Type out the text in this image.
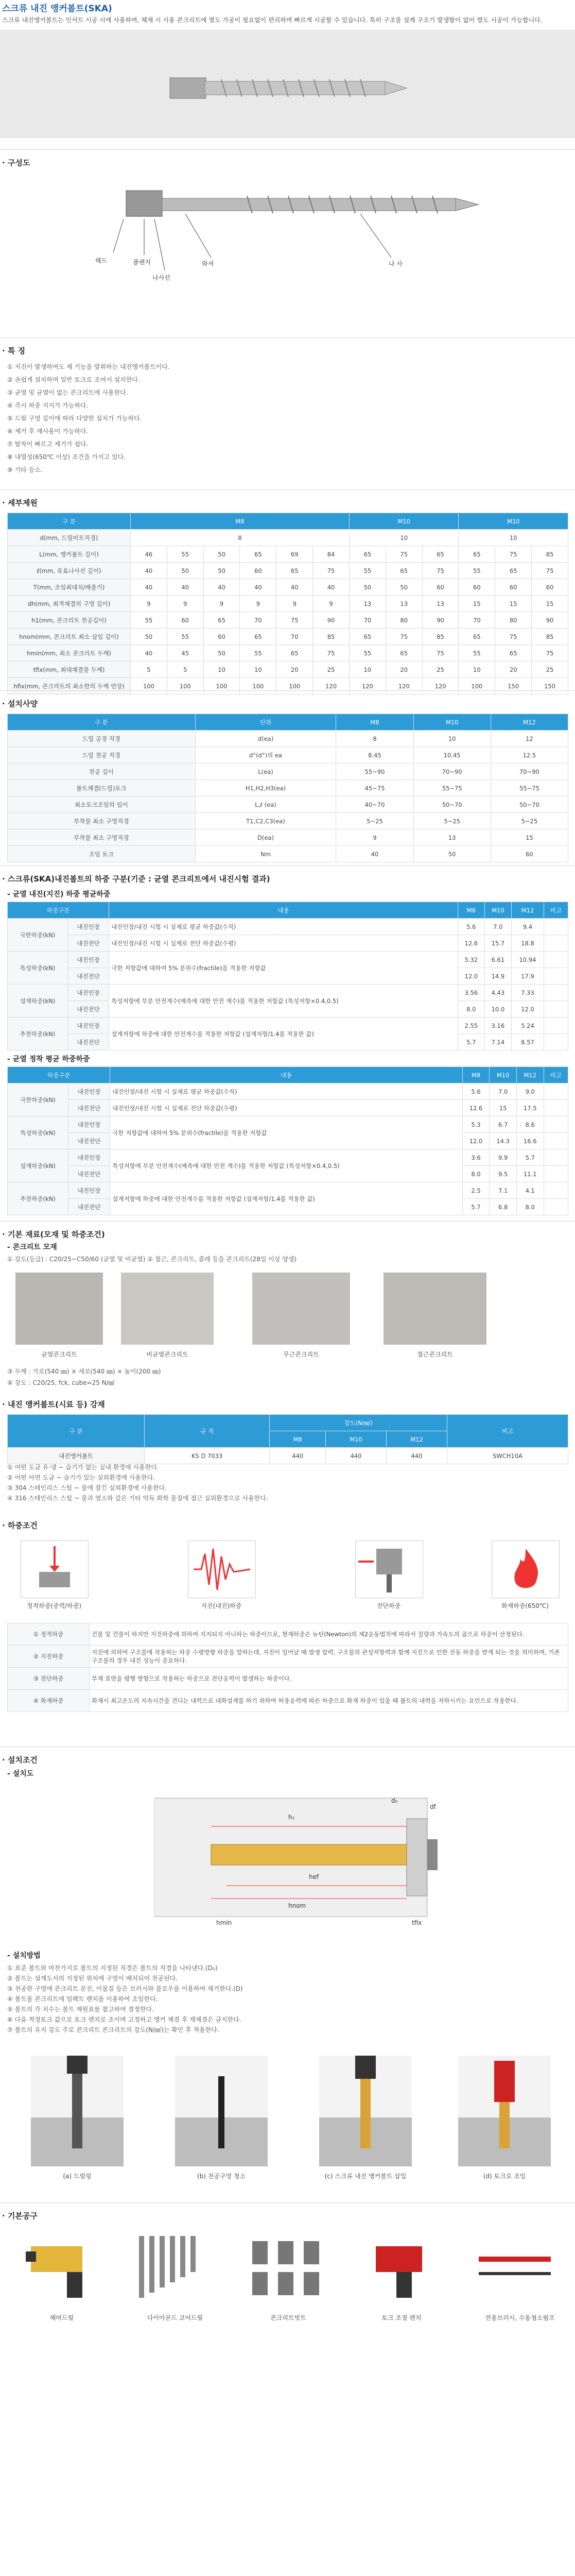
스크류 내진 앵커볼트(SKA)
스크류 내진앵커볼트는 인서트 시공 시에 사용하며, 체재 시 사용 콘크리트에 별도 가공이 필요없이 편리하며 빠르게 시공할 수 있습니다. 특히 구조물 설계 구조기 발생함이 없어 별도 시공이 가능합니다.
· 구성도
헤드	플랜지
나사선
와셔	나 사
· 특 징
① 지진이 발생하여도 제 기능을 발휘하는 내진앵커볼트이다.
② 손쉽게 설치하며 일반 토크로 조여서 설치한다.
③ 균열 및 균열이 없는 콘크리트에 사용한다.
④ 즉시 하중 지지가 가능하다.
⑤ 드릴 구멍 깊이에 따라 다양한 설치가 가능하다.
⑥ 제거 후 재사용이 가능하다.
⑦ 탈착이 빠르고 제거가 쉽다.
⑧ 내열성(650℃ 이상) 조건을 가지고 있다.
⑨ 기타 등소.
· 세부제원
구 분	M8						M10			M10		
d(mm, 드릴비트직경)	8						10			10		
L(mm, 앵커볼트 길이)	46	55	50	65	69	84	65	75	65	65	75	85
ℓ(mm, 유효나사선 길이)	40	50	50	60	65	75	55	65	75	55	65	75
T(mm, 조임최대치/배출기)	40	40	40	40	40	40	50	50	60	60	60	60
dh(mm, 최적체결의 구멍 깊이)	9	9	9	9	9	9	13	13	13	15	15	15
h1(mm, 콘크리트 천공깊이)	55	60	65	70	75	90	70	80	90	70	80	90
hnom(mm, 콘크리트 최소 삽입 깊이)	50	55	60	65	70	85	65	75	85	65	75	85
hmin(mm, 최소 콘크리트 두께)	40	45	50	55	65	75	55	65	75	55	65	75
tfix(mm, 최대체결물 두께)	5	5	10	10	20	25	10	20	25	10	20	25
hfix(mm, 콘크리트의 최소한의 두께 연장)	100	100	100	100	100	120	120	120	120	100	150	150
· 설치사양
구 분	단위	M8	M10	M12
드릴 공경 직경	d(ea)	8	10	12
드릴 천공 직경	d°(d°)의 ea	8.45	10.45	12.5
천공 깊이	L(ea)	55~90	70~90	70~90
볼트체결(드릴)토크	H1,H2,H3(ea)	45~75	55~75	55~75
최소토크조임의 입이	L,ℓ (ea)	40~70	50~70	50~70
부착물 최소 구멍직경	T1,C2,C3(ea)	5~25	5~25	5~25
부착물 최소 구멍직경	D(ea)	9	13	15
조임 토크	Nm	40	50	60
· 스크류(SKA)내진볼트의 하중 구분(기준 : 균열 콘크리트에서 내진시험 결과)
- 균열 내진(지진) 하중 평균하중
하중구분		내용	M8	M10	M12	비고
극한하중(kN)	내진인장	내진인장/내진 시험 시 실제로 평균 하중값(수직)	5.6	7.0	9.4	
	내진전단	내진인장/내진 시험 시 실제로 전단 하중값(수평)	12.6	15.7	18.8	
특성하중(kN)	내진인장	극한 저항값에 대하여 5% 분위수(fractile)을 적용한 저항값	5.32	6.61	10.94	
	내진전단		12.0	14.9	17.9	
설계하중(kN)	내진인장	특성저항에 부분 안전계수(예측에 대한 안전 계수)를 적용한 저항값 (특성저항×0.4,0.5)	3.56	4.43	7.33	
	내진전단		8.0	10.0	12.0	
추천하중(kN)	내진인장	설계저항에 하중에 대한 안전계수를 적용한 저항값 (설계저항/1.4를 적용한 값)	2.55	3.16	5.24	
	내진전단		5.7	7.14	8.57	
- 균열 정착 평균 하중하중
하중구분		내용	M8	M10	M12	비고
극한하중(kN)	내진인장	내진인장/내진 시험 시 실제로 평균 하중값(수직)	5.6	7.0	9.0	
	내진전단	내진인장/내진 시험 시 실제로 전단 하중값(수평)	12.6	15	17.5	
특성하중(kN)	내진인장	극한 저항값에 대하여 5% 분위수(fractile)을 적용한 저항값	5.3	6.7	8.6	
	내진전단		12.0	14.3	16.6	
설계하중(kN)	내진인장	특성저항에 부분 안전계수(예측에 대한 안전 계수)를 적용한 저항값 (특성저항×0.4,0.5)	3.6	9.9	5.7	
	내진전단		8.0	9.5	11.1	
추천하중(kN)	내진인장	설계저항에 하중에 대한 안전계수를 적용한 저항값 (설계저항/1.4를 적용한 값)	2.5	7.1	4.1	
	내진전단		5.7	6.8	8.0	
· 기본 재료(모재 및 하중조건)
- 콘크리트 모재
① 강도(등급) : C20/25~C50/60 (균열 및 비균열) ② 철근, 콘크리트, 콜레 등을 콘크리트(28일 이상 양생)
균열콘크리트	비균열콘크리트	무근콘크리트	철근콘크리트
③ 두께 : 가로(540 ㎜) × 세로(540 ㎜) × 높이(200 ㎜)
④ 강도 : C20/25, fck, cube=25 N/㎟
· 내진 앵커볼트(시료 등) 강재
구 분	규 격	강도(N/㎟)			비고
		M8	M10	M12	
내진앵커볼트	KS D 7033	440	440	440	SWCH10A
① 어떤 도금 유·냉 ~ 습기가 없는 실내 환경에 사용한다.
② 어떤 아연 도금 ~ 습기가 있는 실외환경에 사용한다.
③ 304 스테인리스 스틸 ~ 물에 잠긴 실외환경에 사용한다.
④ 316 스테인리스 스틸 ~ 물과 염소와 같은 기타 악독 화학 물질에 접근 실외환경으로 사용한다.
· 하중조건
정적하중(중력/하중)	지진(내진)하중	전단하중	화재하중(650℃)
① 정적하중	건물 및 건물이 하지만 지진하중에 의하여 지지되지 아니하는 하중이므로, 현재하중은 뉴턴(Newton)의 제2운동법칙에 따라서 질량과 가속도의 곱으로 하중이 산정된다.
② 지진하중	지진에 의하여 구조물에 작용하는 하중 수평방향 하중을 말하는데, 지진이 일어날 때 발생 압력, 구조물의 관성저항력과 함께 지진으로 인한 진동 하중을 받게 되는 것을 의미하며, 기존 구조물의 경우 내진 성능이 중요하다.
③ 전단하중	부재 표면을 평행 방향으로 작용하는 하중으로 전단응력이 발생하는 하중이다.
④ 화재하중	화재시 최고온도의 지속시간을 견디는 내력으로 내화설계를 하기 위하여 허용응력에 따른 하중으로 화재 하중이 있을 때 볼트의 내력을 저하시키는 요인으로 작용한다.
· 설치조건
- 설치도
h₁
hnom
hef
tfix
d₀
df
hmin
- 설치방법
① 표준 볼트와 마찬가지로 볼트의 지정된 직경은 볼트의 직경을 나타낸다.(D₀)
② 볼트는 설계도서의 지정된 위치에 구멍이 배치되어 천공된다.
③ 천공한 구멍에 콘크리트 분진, 이물질 등은 브러시와 블로우를 이용하여 제거한다.(D)
④ 볼트를 콘크리트에 임팩트 렌치를 이용하여 조임한다.
⑤ 볼트의 각 치수는 볼트 제원표를 참고하여 결정한다.
⑥ 다음 적정토크 값으로 토크 렌치로 조이며 고정하고 앵커 체결 후 재체결은 금지한다.
⑦ 볼트의 유지 강도 주로 콘크리트 콘크리트의 강도(N/㎟)는 확인 후 적용한다.
(a) 드릴링	(b) 천공구멍 청소	(c) 스크류 내진 앵커볼트 삽입	(d) 토크로 조임
· 기본공구
해머드릴	다이아몬드 코어드릴	콘크리트빗트	토크 조절 렌치	전용브러시, 수동청소펌프
